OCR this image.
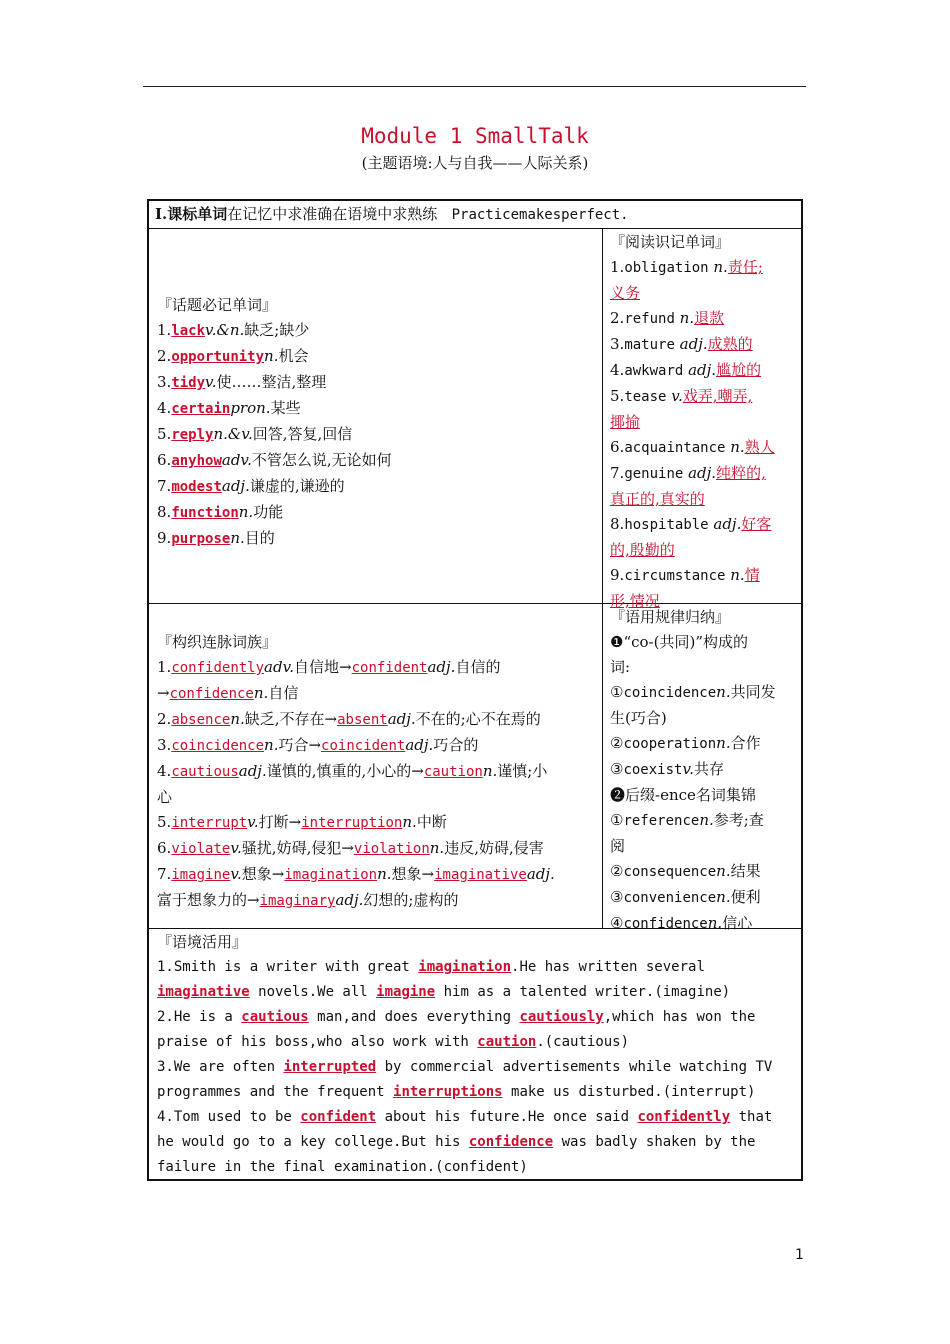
Module 1 SmallTalk
(主题语境:人与自我——人际关系)
Ⅰ.课标单词在记忆中求准确在语境中求熟练 Practicemakesperfect.
『话题必记单词』
1.lackv.&n.缺乏;缺少
2.opportunityn.机会
3.tidyv.使……整洁,整理
4.certainpron.某些
5.replyn.&v.回答,答复,回信
6.anyhowadv.不管怎么说,无论如何
7.modestadj.谦虚的,谦逊的
8.functionn.功能
9.purposen.目的
『阅读识记单词』
1.obligation n.责任;
义务
2.refund n.退款
3.mature adj.成熟的
4.awkward adj.尴尬的
5.tease v.戏弄,嘲弄,
揶揄
6.acquaintance n.熟人
7.genuine adj.纯粹的,
真正的,真实的
8.hospitable adj.好客
的,殷勤的
9.circumstance n.情
形,情况
『构织连脉词族』
1.confidentlyadv.自信地→confidentadj.自信的
→confidencen.自信
2.absencen.缺乏,不存在→absentadj.不在的;心不在焉的
3.coincidencen.巧合→coincidentadj.巧合的
4.cautiousadj.谨慎的,慎重的,小心的→cautionn.谨慎;小
心
5.interruptv.打断→interruptionn.中断
6.violatev.骚扰,妨碍,侵犯→violationn.违反,妨碍,侵害
7.imaginev.想象→imaginationn.想象→imaginativeadj.
富于想象力的→imaginaryadj.幻想的;虚构的
『语用规律归纳』
❶“co-(共同)”构成的
词:
①coincidencen.共同发
生(巧合)
②cooperationn.合作
③coexistv.共存
❷后缀-ence名词集锦
①referencen.参考;查
阅
②consequencen.结果
③conveniencen.便利
④confidencen.信心
『语境活用』
1.Smith is a writer with great imagination.He has written several
imaginative novels.We all imagine him as a talented writer.(imagine)
2.He is a cautious man,and does everything cautiously,which has won the
praise of his boss,who also work with caution.(cautious)
3.We are often interrupted by commercial advertisements while watching TV
programmes and the frequent interruptions make us disturbed.(interrupt)
4.Tom used to be confident about his future.He once said confidently that
he would go to a key college.But his confidence was badly shaken by the
failure in the final examination.(confident)
1
